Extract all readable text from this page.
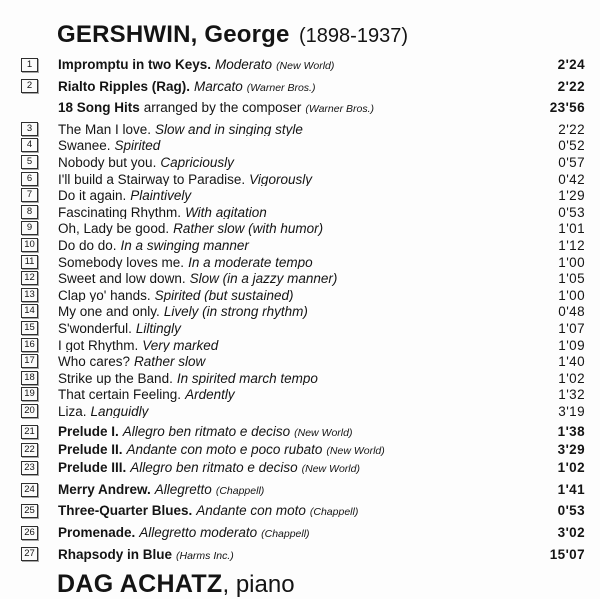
GERSHWIN, George (1898-1937)
1	Impromptu in two Keys. Moderato (New World)	2'24
2	Rialto Ripples (Rag). Marcato (Warner Bros.)	2'22
18 Song Hits arranged by the composer (Warner Bros.)	23'56
3	The Man I love. Slow and in singing style	2'22
4	Swanee. Spirited	0'52
5	Nobody but you. Capriciously	0'57
6	I'll build a Stairway to Paradise. Vigorously	0'42
7	Do it again. Plaintively	1'29
8	Fascinating Rhythm. With agitation	0'53
9	Oh, Lady be good. Rather slow (with humor)	1'01
10 Do do do. In a swinging manner	1'12
11 Somebody loves me. In a moderate tempo	1'00
12 Sweet and low down. Slow (in a jazzy manner)	1'05
13 Clap yo' hands. Spirited (but sustained)	1'00
14 My one and only. Lively (in strong rhythm)	0'48
15 S'wonderful. Liltingly	1'07
16 I got Rhythm. Very marked	1'09
17 Who cares? Rather slow	1'40
18 Strike up the Band. In spirited march tempo	1'02
19 That certain Feeling. Ardently	1'32
20 Liza. Languidly	3'19
21 Prelude I. Allegro ben ritmato e deciso (New World)	1'38
22 Prelude II. Andante con moto e poco rubato (New World)	3'29
23 Prelude III. Allegro ben ritmato e deciso (New World)	1'02
24 Merry Andrew. Allegretto (Chappell)	1'41
25 Three-Quarter Blues. Andante con moto (Chappell)	0'53
26 Promenade. Allegretto moderato (Chappell)	3'02
27 Rhapsody in Blue (Harms Inc.)	15'07
DAG ACHATZ, piano
